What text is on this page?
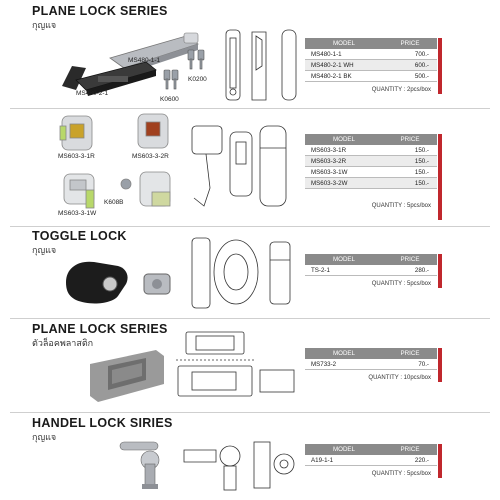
PLANE LOCK SERIES
กุญแจ
MS480-1-1
MS480-2-1
K0200
K0600
MODEL	PRICE
MS480-1-1	700.-
MS480-2-1 WH	600.-
MS480-2-1 BK	500.-
QUANTITY : 2pcs/box
MS603-3-1R	MS603-3-2R
MS603-3-1W
K608B
MODEL	PRICE
MS603-3-1R	150.-
MS603-3-2R	150.-
MS603-3-1W	150.-
MS603-3-2W	150.-
QUANTITY : 5pcs/box
TOGGLE LOCK
กุญแจ
MODEL	PRICE
TS-2-1	280.-
QUANTITY : 5pcs/box
PLANE LOCK SERIES
ตัวล็อคพลาสติก
MODEL	PRICE
MS733-2	70.-
QUANTITY : 10pcs/box
HANDEL LOCK SIRIES
กุญแจ
MODEL	PRICE
A19-1-1	220.-
QUANTITY : 5pcs/box
